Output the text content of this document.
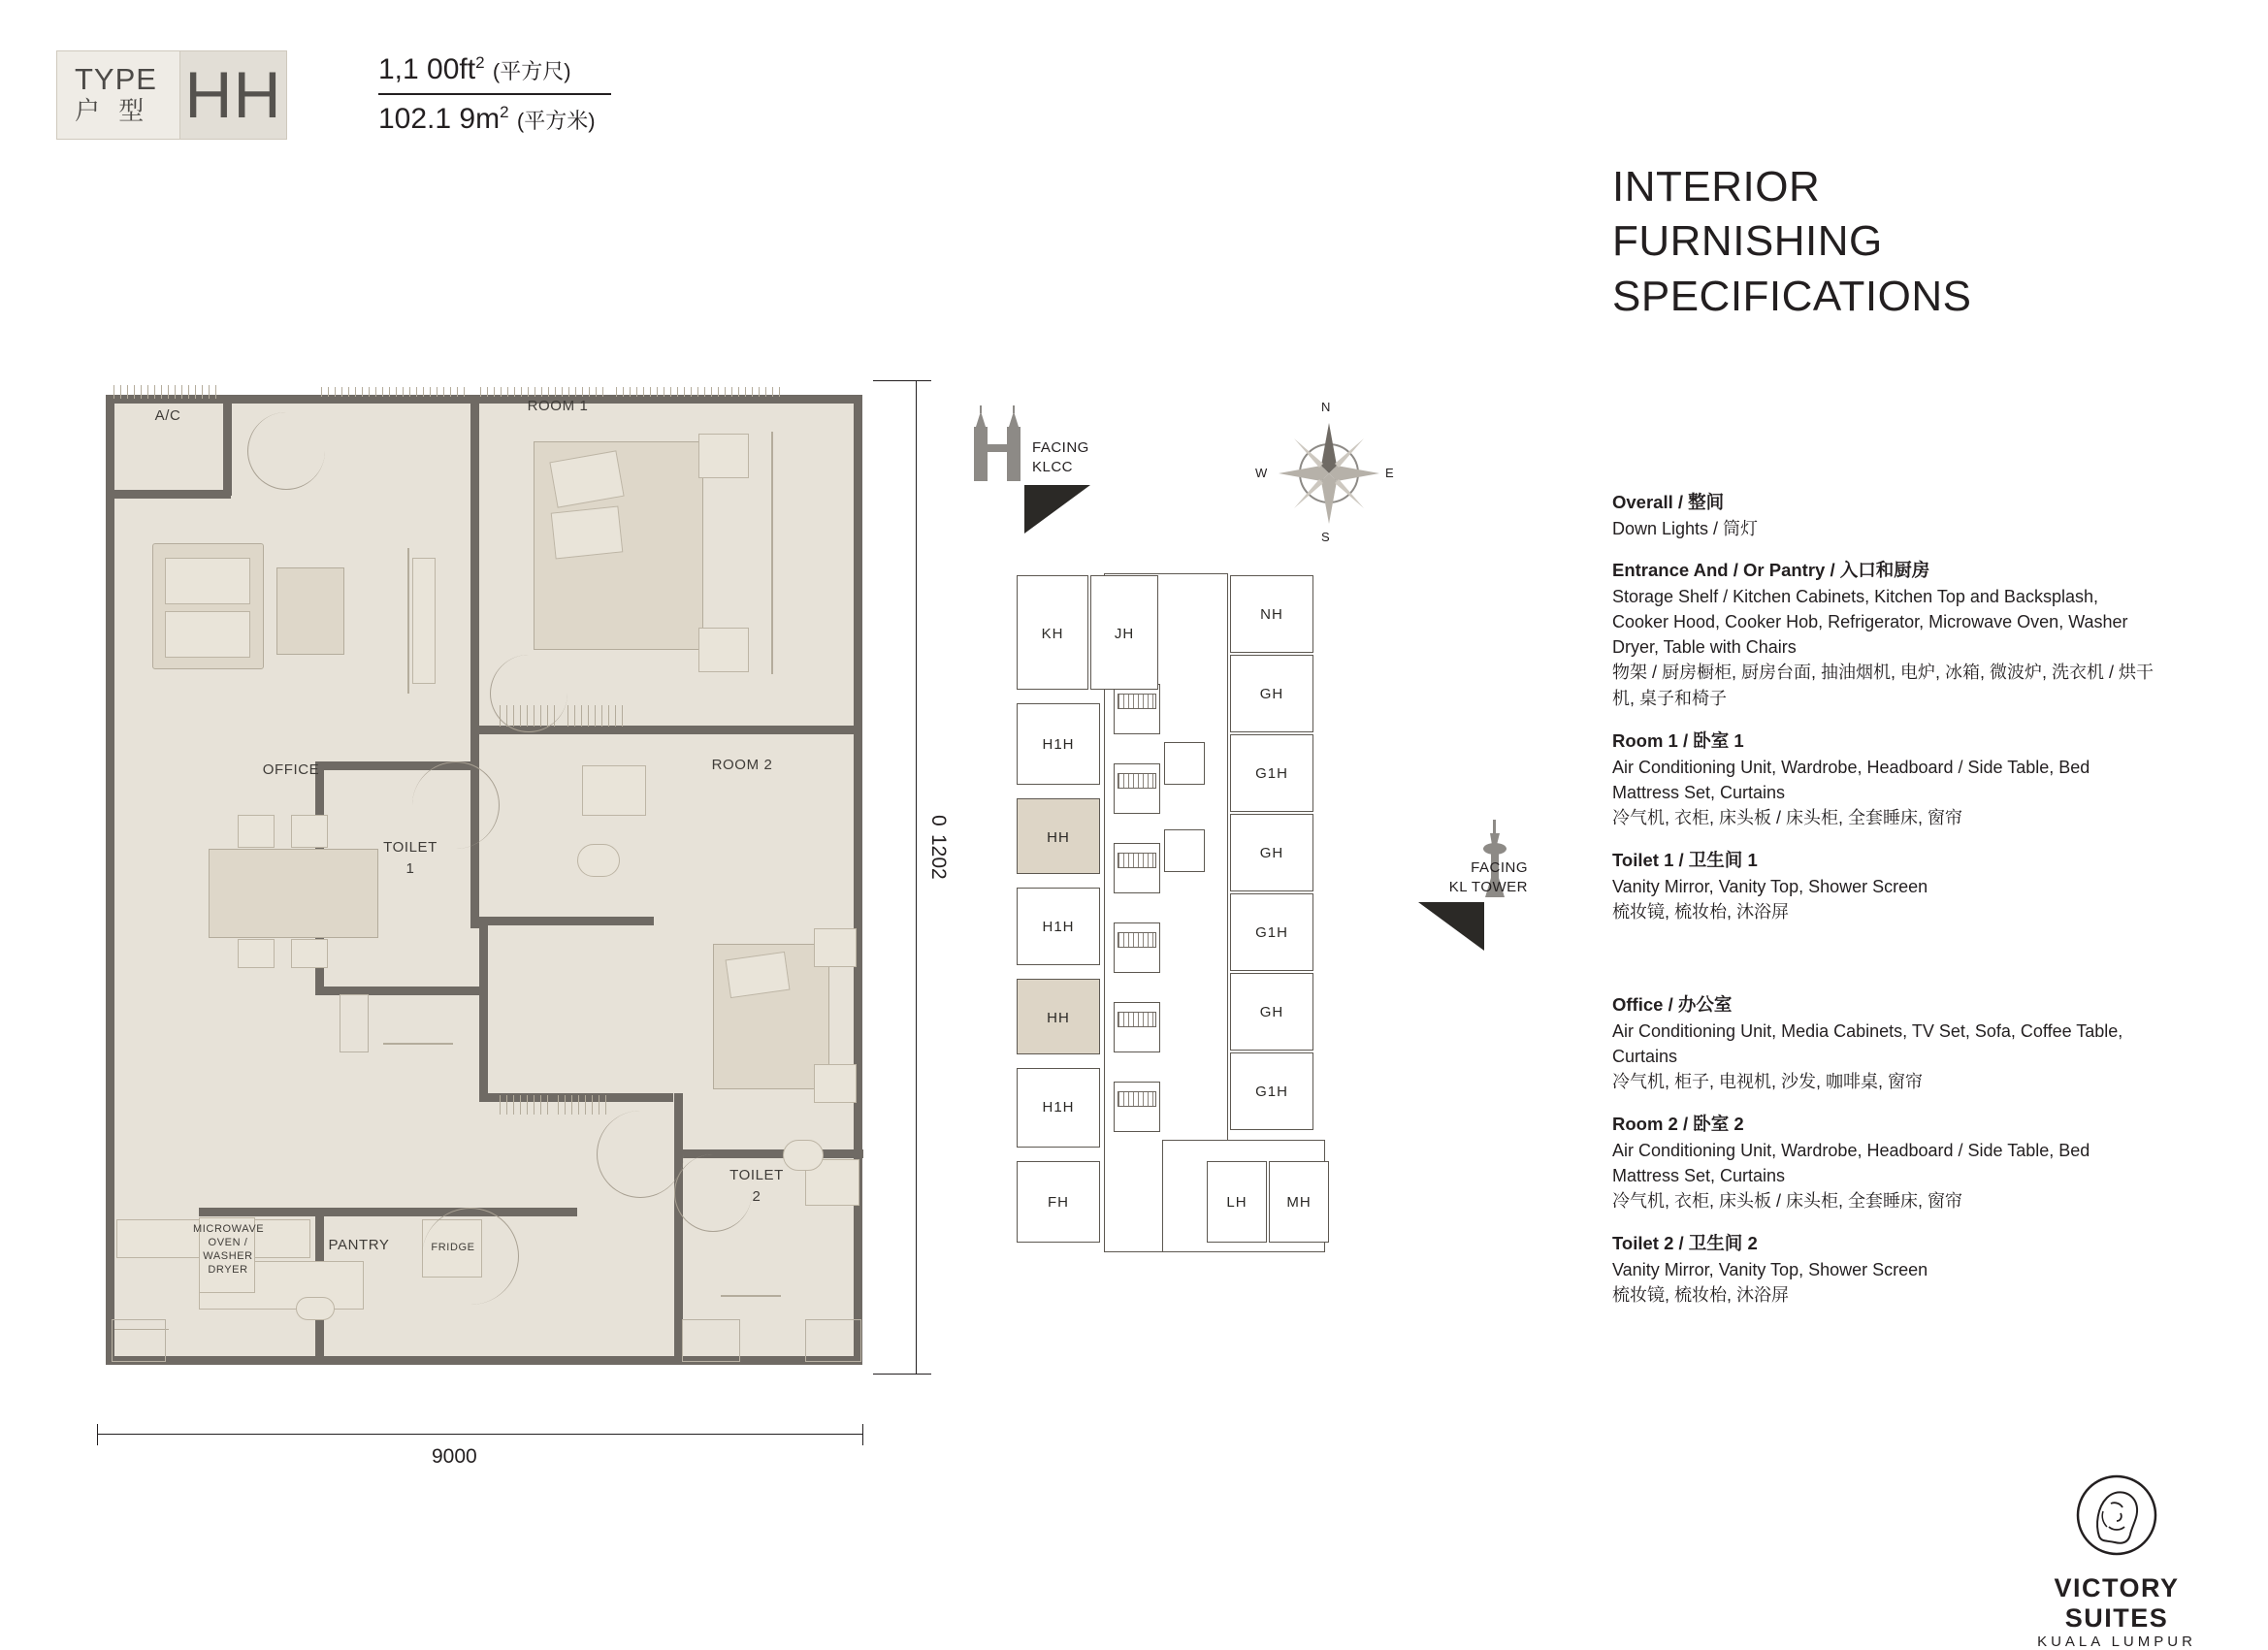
TYPE
户 型 HH	1,1 $00ft^2$ (平方尺)
102.1 $9m^2$ (平方米)
INTERIOR
FURNISHING
SPECIFICATIONS
Overall / 整间
Down Lights / 筒灯
Entrance And / Or Pantry / 入口和厨房
Storage Shelf / Kitchen Cabinets, Kitchen Top and Backsplash, Cooker Hood, Cooker Hob, Refrigerator, Microwave Oven, Washer Dryer, Table with Chairs
物架 / 厨房橱柜, 厨房台面, 抽油烟机, 电炉, 冰箱, 微波炉, 洗衣机 / 烘干机, 桌子和椅子
Room 1 / 卧室 1
Air Conditioning Unit, Wardrobe, Headboard / Side Table, Bed Mattress Set, Curtains
冷气机, 衣柜, 床头板 / 床头柜, 全套睡床, 窗帘
Toilet 1 / 卫生间 1
Vanity Mirror, Vanity Top, Shower Screen
梳妆镜, 梳妆枱, 沐浴屏
Office / 办公室
Air Conditioning Unit, Media Cabinets, TV Set, Sofa, Coffee Table, Curtains
冷气机, 柜子, 电视机, 沙发, 咖啡桌, 窗帘
Room 2 / 卧室 2
Air Conditioning Unit, Wardrobe, Headboard / Side Table, Bed Mattress Set, Curtains
冷气机, 衣柜, 床头板 / 床头柜, 全套睡床, 窗帘
Toilet 2 / 卫生间 2
Vanity Mirror, Vanity Top, Shower Screen
梳妆镜, 梳妆枱, 沐浴屏
A/C
ROOM 1
OFFICE	ROOM 2
PANTRY	FRIDGE
TOILET
1
TOILET
2
MICROWAVE
OVEN /
WASHER
DRYER
9000
1202
0
FACING
KLCC
FACING
KL TOWER
N
E
S
W
KH	JH
NH
GH
H1H
G1H
HH
GH
H1H	G1H
HH	GH
H1H
G1H
FH	LH	MH
VICTORY SUITES
KUALA LUMPUR
